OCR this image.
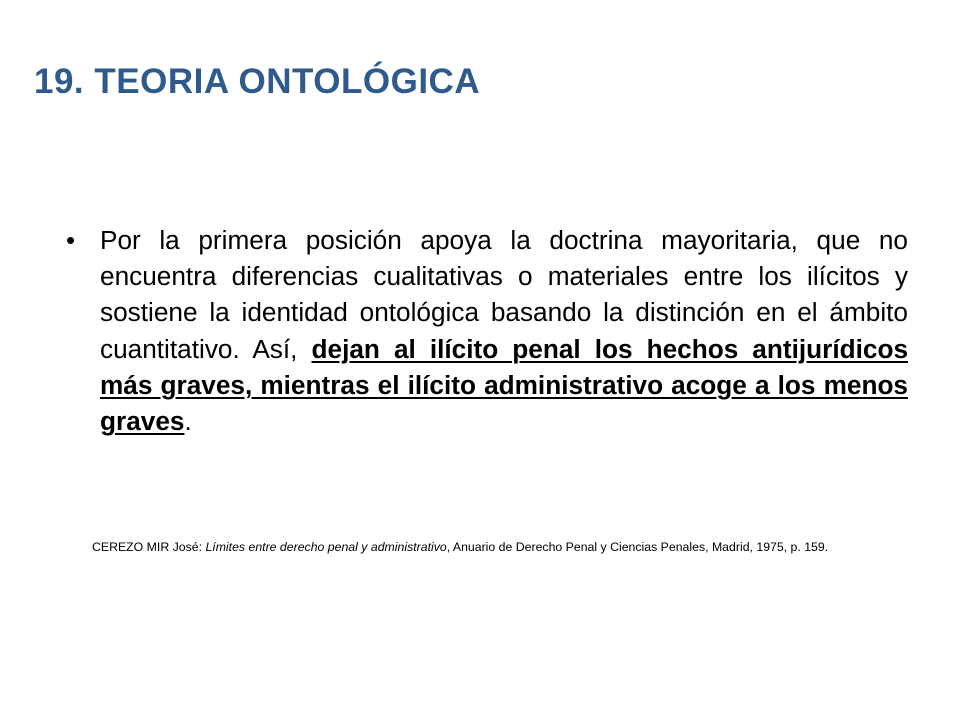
19. TEORIA ONTOLÓGICA
• Por la primera posición apoya la doctrina mayoritaria, que no encuentra diferencias cualitativas o materiales entre los ilícitos y sostiene la identidad ontológica basando la distinción en el ámbito cuantitativo. Así, dejan al ilícito penal los hechos antijurídicos más graves, mientras el ilícito administrativo acoge a los menos graves.

CEREZO MIR José: Límites entre derecho penal y administrativo, Anuario de Derecho Penal y Ciencias Penales, Madrid, 1975, p. 159.
